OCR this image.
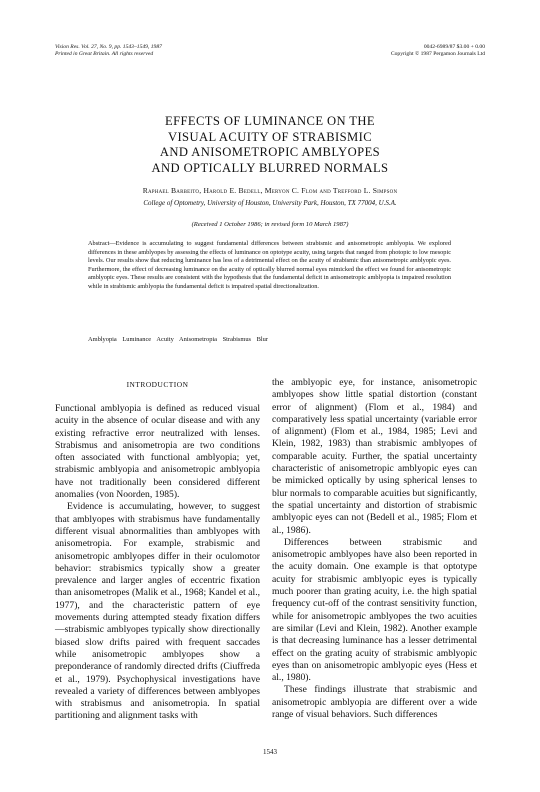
Vision Res. Vol. 27, No. 9, pp. 1543–1549, 1987
Printed in Great Britain. All rights reserved
0042-6989/87 $3.00 + 0.00
Copyright © 1987 Pergamon Journals Ltd
EFFECTS OF LUMINANCE ON THE
VISUAL ACUITY OF STRABISMIC
AND ANISOMETROPIC AMBLYOPES
AND OPTICALLY BLURRED NORMALS
Raphael Barbeito, Harold E. Bedell, Meryon C. Flom and Trefford L. Simpson
College of Optometry, University of Houston, University Park, Houston, TX 77004, U.S.A.
(Received 1 October 1986; in revised form 10 March 1987)
Abstract—Evidence is accumulating to suggest fundamental differences between strabismic and anisometropic amblyopia. We explored differences in these amblyopes by assessing the effects of luminance on optotype acuity, using targets that ranged from photopic to low mesopic levels. Our results show that reducing luminance has less of a detrimental effect on the acuity of strabismic than anisometropic amblyopic eyes. Furthermore, the effect of decreasing luminance on the acuity of optically blurred normal eyes mimicked the effect we found for anisometropic amblyopic eyes. These results are consistent with the hypothesis that the fundamental deficit in anisometropic amblyopia is impaired resolution while in strabismic amblyopia the fundamental deficit is impaired spatial directionalization.
Amblyopia Luminance Acuity Anisometropia Strabismus Blur
INTRODUCTION

Functional amblyopia is defined as reduced visual acuity in the absence of ocular disease and with any existing refractive error neutralized with lenses. Strabismus and anisometropia are two conditions often associated with functional amblyopia; yet, strabismic amblyopia and anisometropic amblyopia have not traditionally been considered different anomalies (von Noorden, 1985).

Evidence is accumulating, however, to suggest that amblyopes with strabismus have fundamentally different visual abnormalities than amblyopes with anisometropia. For example, strabismic and anisometropic amblyopes differ in their oculomotor behavior: strabismics typically show a greater prevalence and larger angles of eccentric fixation than anisometropes (Malik et al., 1968; Kandel et al., 1977), and the characteristic pattern of eye movements during attempted steady fixation differs—strabismic amblyopes typically show directionally biased slow drifts paired with frequent saccades while anisometropic amblyopes show a preponderance of randomly directed drifts (Ciuffreda et al., 1979). Psychophysical investigations have revealed a variety of differences between amblyopes with strabismus and anisometropia. In spatial partitioning and alignment tasks with

the amblyopic eye, for instance, anisometropic amblyopes show little spatial distortion (constant error of alignment) (Flom et al., 1984) and comparatively less spatial uncertainty (variable error of alignment) (Flom et al., 1984, 1985; Levi and Klein, 1982, 1983) than strabismic amblyopes of comparable acuity. Further, the spatial uncertainty characteristic of anisometropic amblyopic eyes can be mimicked optically by using spherical lenses to blur normals to comparable acuities but significantly, the spatial uncertainty and distortion of strabismic amblyopic eyes can not (Bedell et al., 1985; Flom et al., 1986).

Differences between strabismic and anisometropic amblyopes have also been reported in the acuity domain. One example is that optotype acuity for strabismic amblyopic eyes is typically much poorer than grating acuity, i.e. the high spatial frequency cut-off of the contrast sensitivity function, while for anisometropic amblyopes the two acuities are similar (Levi and Klein, 1982). Another example is that decreasing luminance has a lesser detrimental effect on the grating acuity of strabismic amblyopic eyes than on anisometropic amblyopic eyes (Hess et al., 1980).

These findings illustrate that strabismic and anisometropic amblyopia are different over a wide range of visual behaviors. Such differences

1543
